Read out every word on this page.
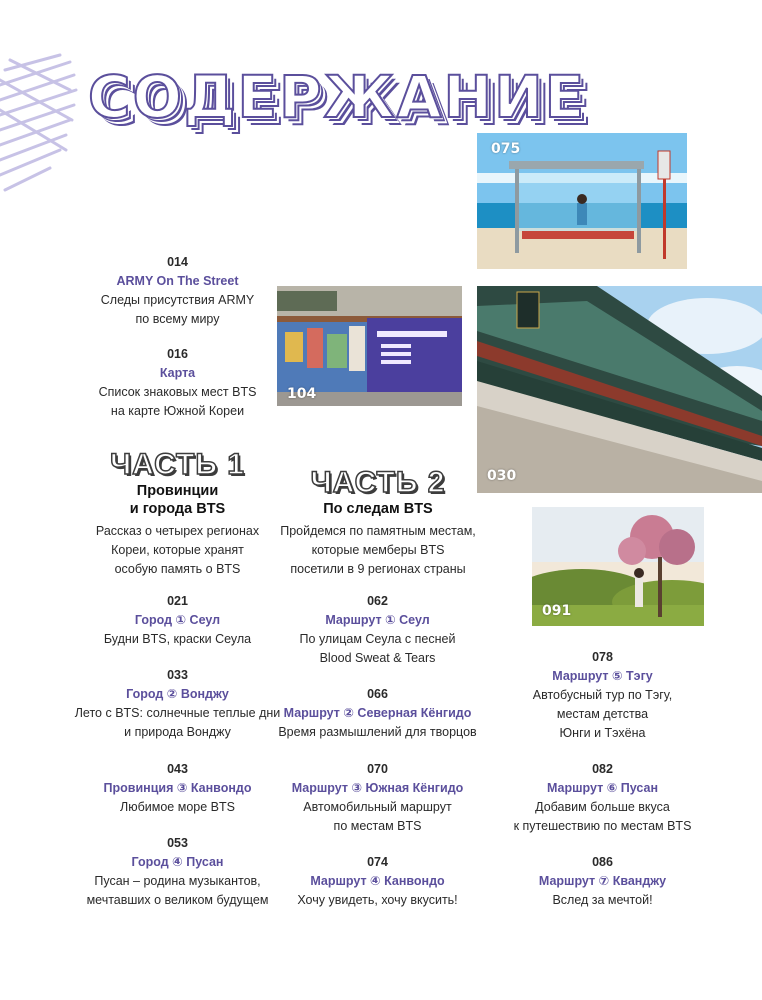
СОДЕРЖАНИЕ
075
104
030
091
014
ARMY On The Street
Следы присутствия ARMY
по всему миру
016
Карта
Список знаковых мест BTS
на карте Южной Кореи
ЧАСТЬ 1
Провинции
и города BTS
Рассказ о четырех регионах
Кореи, которые хранят
особую память о BTS
021
Город ① Сеул
Будни BTS, краски Сеула
033
Город ② Вонджу
Лето с BTS: солнечные теплые дни
и природа Вонджу
043
Провинция ③ Канвондо
Любимое море BTS
053
Город ④ Пусан
Пусан – родина музыкантов,
мечтавших о великом будущем
ЧАСТЬ 2
По следам BTS
Пройдемся по памятным местам,
которые мемберы BTS
посетили в 9 регионах страны
062
Маршрут ① Сеул
По улицам Сеула с песней
Blood Sweat & Tears
066
Маршрут ② Северная Кёнгидо
Время размышлений для творцов
070
Маршрут ③ Южная Кёнгидо
Автомобильный маршрут
по местам BTS
074
Маршрут ④ Канвондо
Хочу увидеть, хочу вкусить!
078
Маршрут ⑤ Тэгу
Автобусный тур по Тэгу,
местам детства
Юнги и Тэхёна
082
Маршрут ⑥ Пусан
Добавим больше вкуса
к путешествию по местам BTS
086
Маршрут ⑦ Кванджу
Вслед за мечтой!
